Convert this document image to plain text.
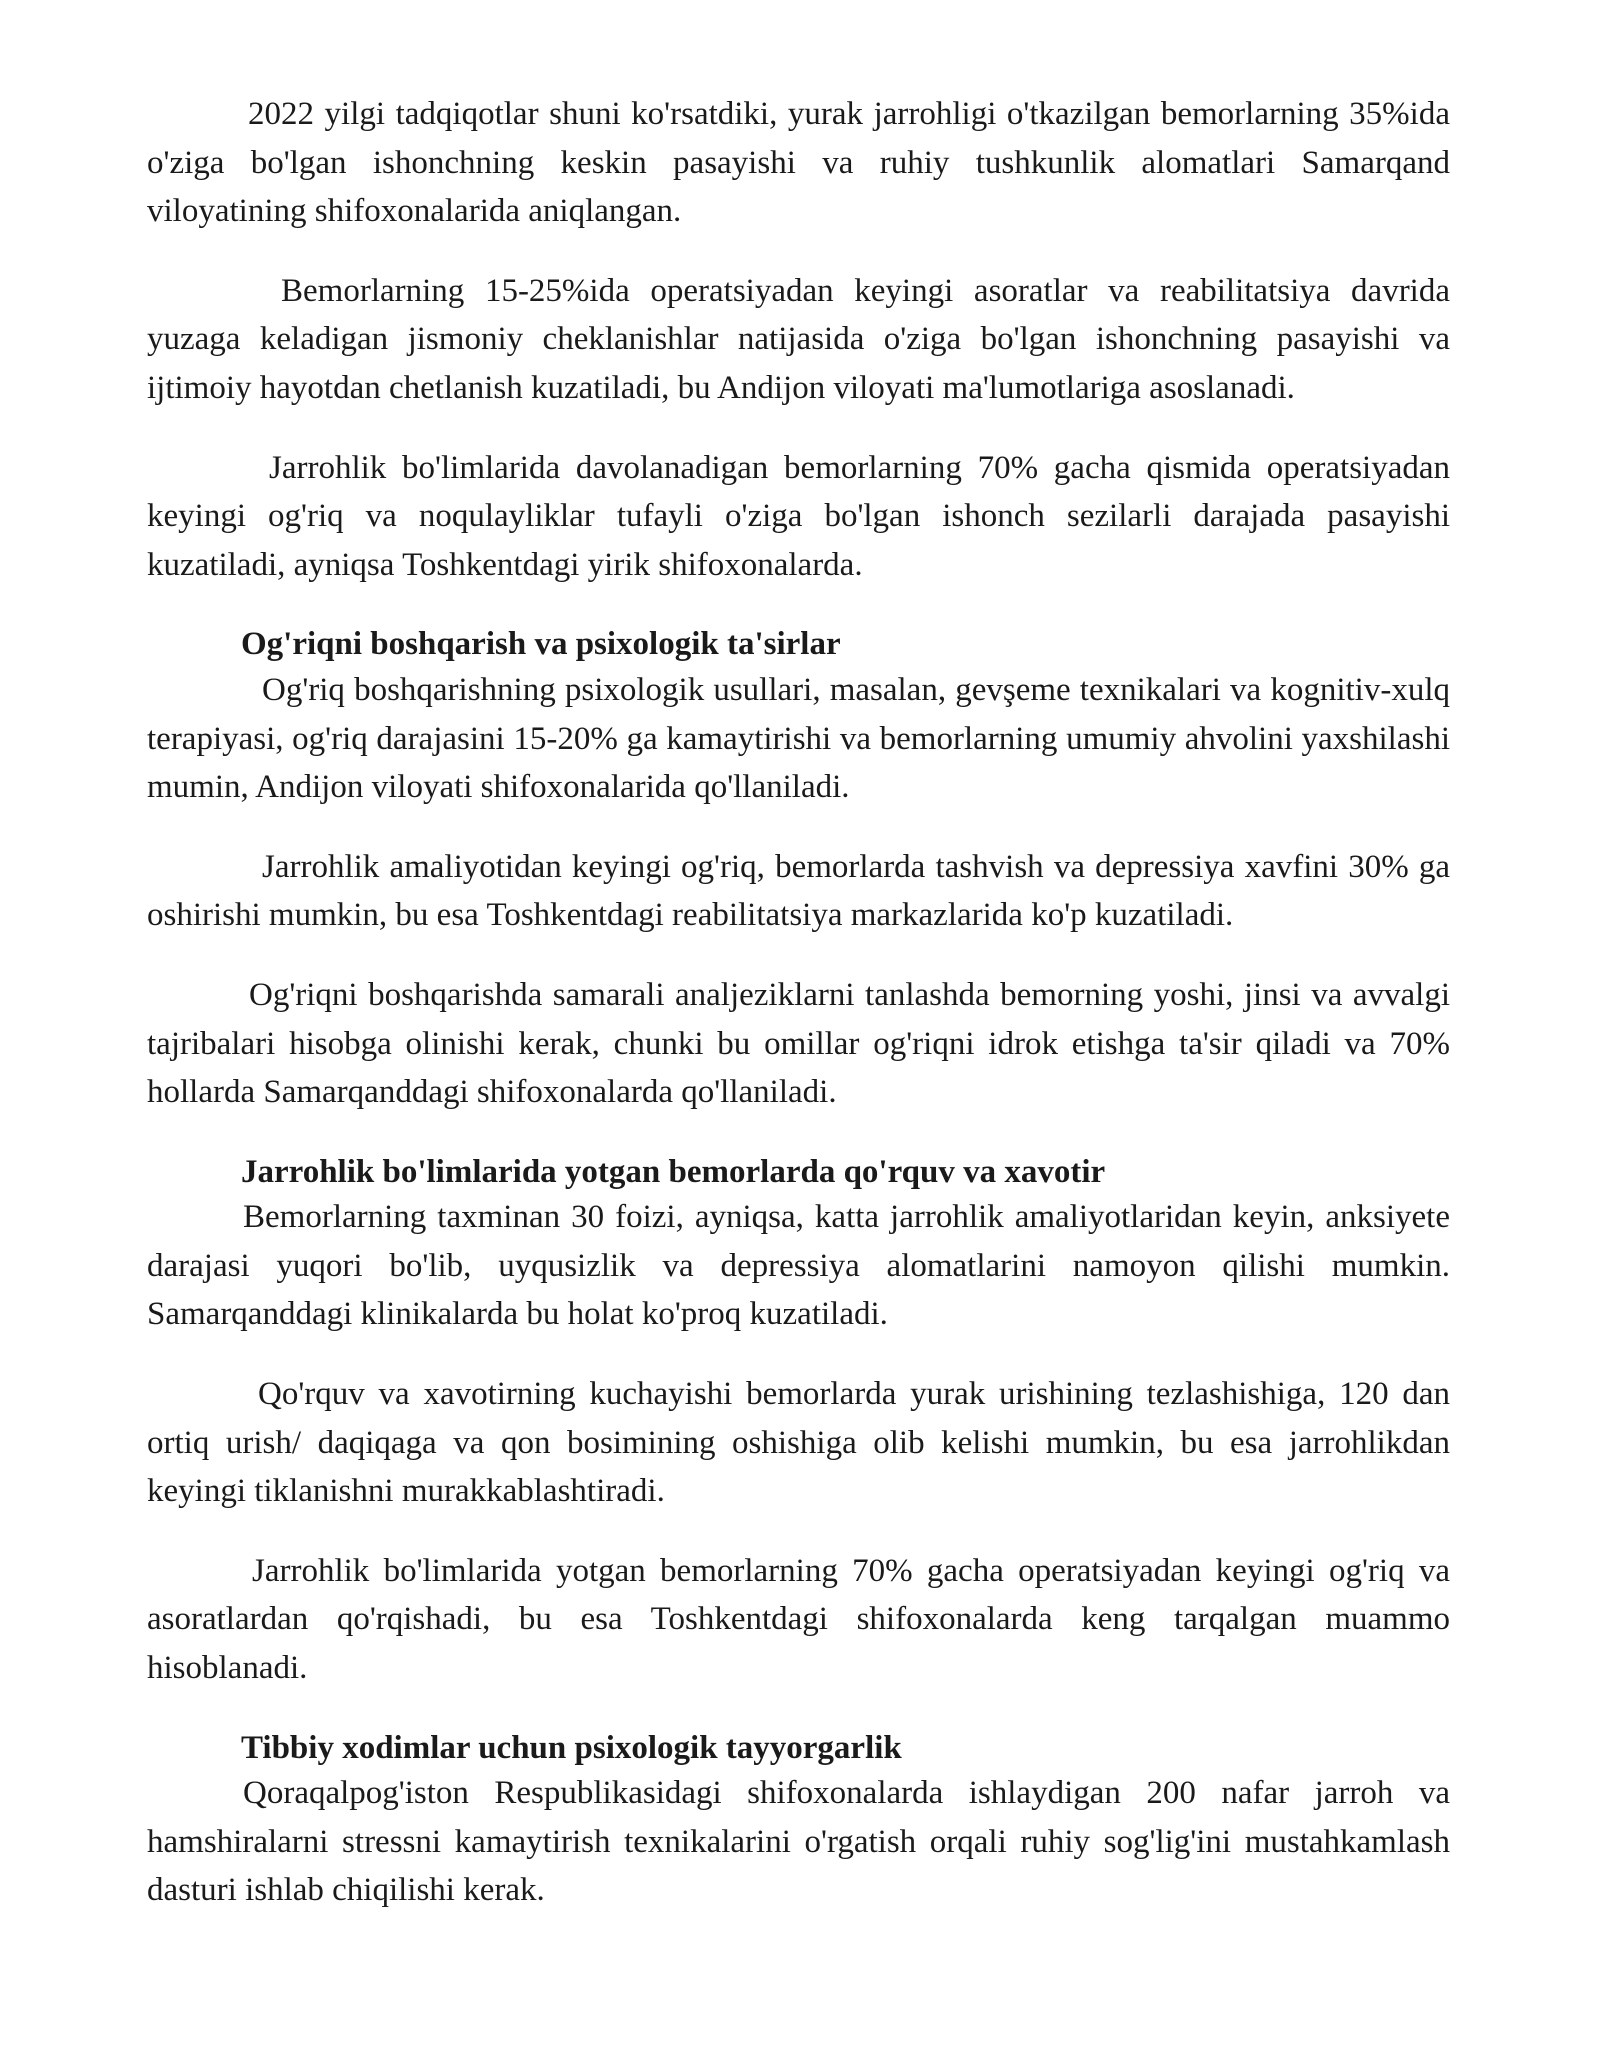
2022 yilgi tadqiqotlar shuni ko'rsatdiki, yurak jarrohligi o'tkazilgan bemorlarning 35%ida o'ziga bo'lgan ishonchning keskin pasayishi va ruhiy tushkunlik alomatlari Samarqand viloyatining shifoxonalarida aniqlangan.

Bemorlarning 15-25%ida operatsiyadan keyingi asoratlar va reabilitatsiya davrida yuzaga keladigan jismoniy cheklanishlar natijasida o'ziga bo'lgan ishonchning pasayishi va ijtimoiy hayotdan chetlanish kuzatiladi, bu Andijon viloyati ma'lumotlariga asoslanadi.

Jarrohlik bo'limlarida davolanadigan bemorlarning 70% gacha qismida operatsiyadan keyingi og'riq va noqulayliklar tufayli o'ziga bo'lgan ishonch sezilarli darajada pasayishi kuzatiladi, ayniqsa Toshkentdagi yirik shifoxonalarda.

Og'riqni boshqarish va psixologik ta'sirlar

Og'riq boshqarishning psixologik usullari, masalan, gevşeme texnikalari va kognitiv-xulq terapiyasi, og'riq darajasini 15-20% ga kamaytirishi va bemorlarning umumiy ahvolini yaxshilashi mumin, Andijon viloyati shifoxonalarida qo'llaniladi.

Jarrohlik amaliyotidan keyingi og'riq, bemorlarda tashvish va depressiya xavfini 30% ga oshirishi mumkin, bu esa Toshkentdagi reabilitatsiya markazlarida ko'p kuzatiladi.

Og'riqni boshqarishda samarali analjeziklarni tanlashda bemorning yoshi, jinsi va avvalgi tajribalari hisobga olinishi kerak, chunki bu omillar og'riqni idrok etishga ta'sir qiladi va 70% hollarda Samarqanddagi shifoxonalarda qo'llaniladi.

Jarrohlik bo'limlarida yotgan bemorlarda qo'rquv va xavotir

Bemorlarning taxminan 30 foizi, ayniqsa, katta jarrohlik amaliyotlaridan keyin, anksiyete darajasi yuqori bo'lib, uyqusizlik va depressiya alomatlarini namoyon qilishi mumkin. Samarqanddagi klinikalarda bu holat ko'proq kuzatiladi.

Qo'rquv va xavotirning kuchayishi bemorlarda yurak urishining tezlashishiga, 120 dan ortiq urish/ daqiqaga va qon bosimining oshishiga olib kelishi mumkin, bu esa jarrohlikdan keyingi tiklanishni murakkablashtiradi.

Jarrohlik bo'limlarida yotgan bemorlarning 70% gacha operatsiyadan keyingi og'riq va asoratlardan qo'rqishadi, bu esa Toshkentdagi shifoxonalarda keng tarqalgan muammo hisoblanadi.

Tibbiy xodimlar uchun psixologik tayyorgarlik

Qoraqalpog'iston Respublikasidagi shifoxonalarda ishlaydigan 200 nafar jarroh va hamshiralarni stressni kamaytirish texnikalarini o'rgatish orqali ruhiy sog'lig'ini mustahkamlash dasturi ishlab chiqilishi kerak.
